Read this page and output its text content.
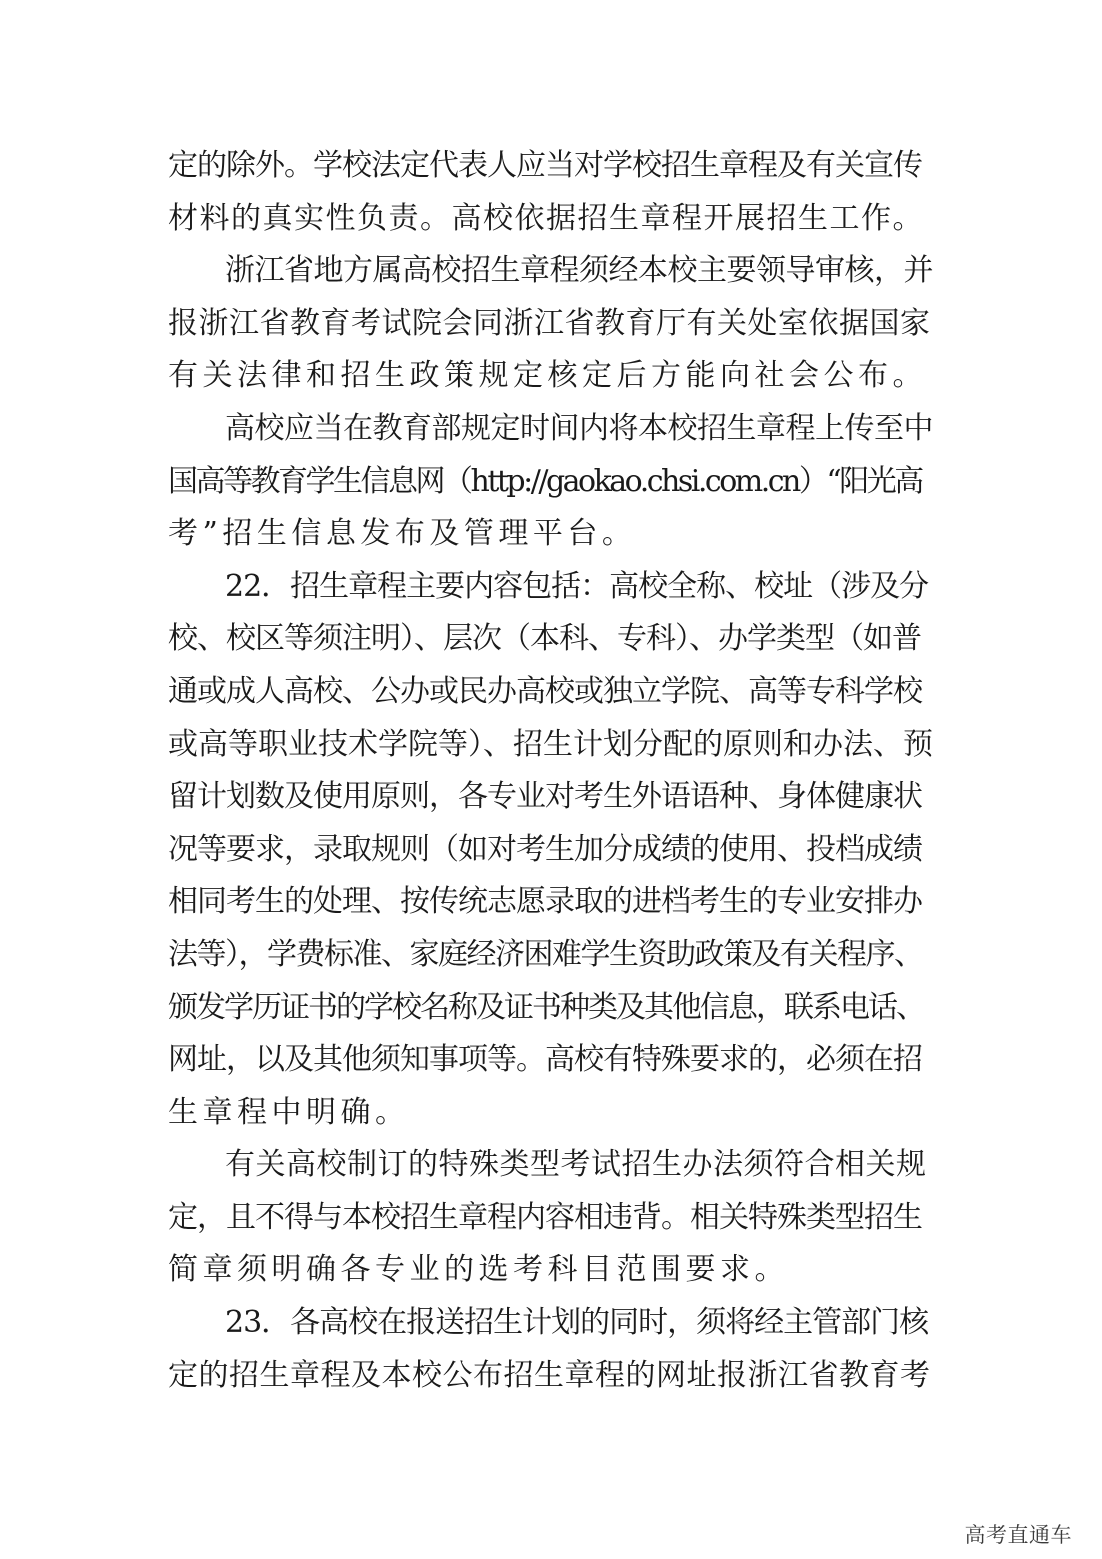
定的除外。学校法定代表人应当对学校招生章程及有关宣传
材料的真实性负责。高校依据招生章程开展招生工作。
浙江省地方属高校招生章程须经本校主要领导审核，并
报浙江省教育考试院会同浙江省教育厅有关处室依据国家
有关法律和招生政策规定核定后方能向社会公布。
高校应当在教育部规定时间内将本校招生章程上传至中
国高等教育学生信息网（http://gaokao.chsi.com.cn）“阳光高
考”招生信息发布及管理平台。
22．招生章程主要内容包括：高校全称、校址（涉及分
校、校区等须注明）、层次（本科、专科）、办学类型（如普
通或成人高校、公办或民办高校或独立学院、高等专科学校
或高等职业技术学院等）、招生计划分配的原则和办法、预
留计划数及使用原则，各专业对考生外语语种、身体健康状
况等要求，录取规则（如对考生加分成绩的使用、投档成绩
相同考生的处理、按传统志愿录取的进档考生的专业安排办
法等），学费标准、家庭经济困难学生资助政策及有关程序、
颁发学历证书的学校名称及证书种类及其他信息，联系电话、
网址，以及其他须知事项等。高校有特殊要求的，必须在招
生章程中明确。
有关高校制订的特殊类型考试招生办法须符合相关规
定，且不得与本校招生章程内容相违背。相关特殊类型招生
简章须明确各专业的选考科目范围要求。
23．各高校在报送招生计划的同时，须将经主管部门核
定的招生章程及本校公布招生章程的网址报浙江省教育考
高考直通车
